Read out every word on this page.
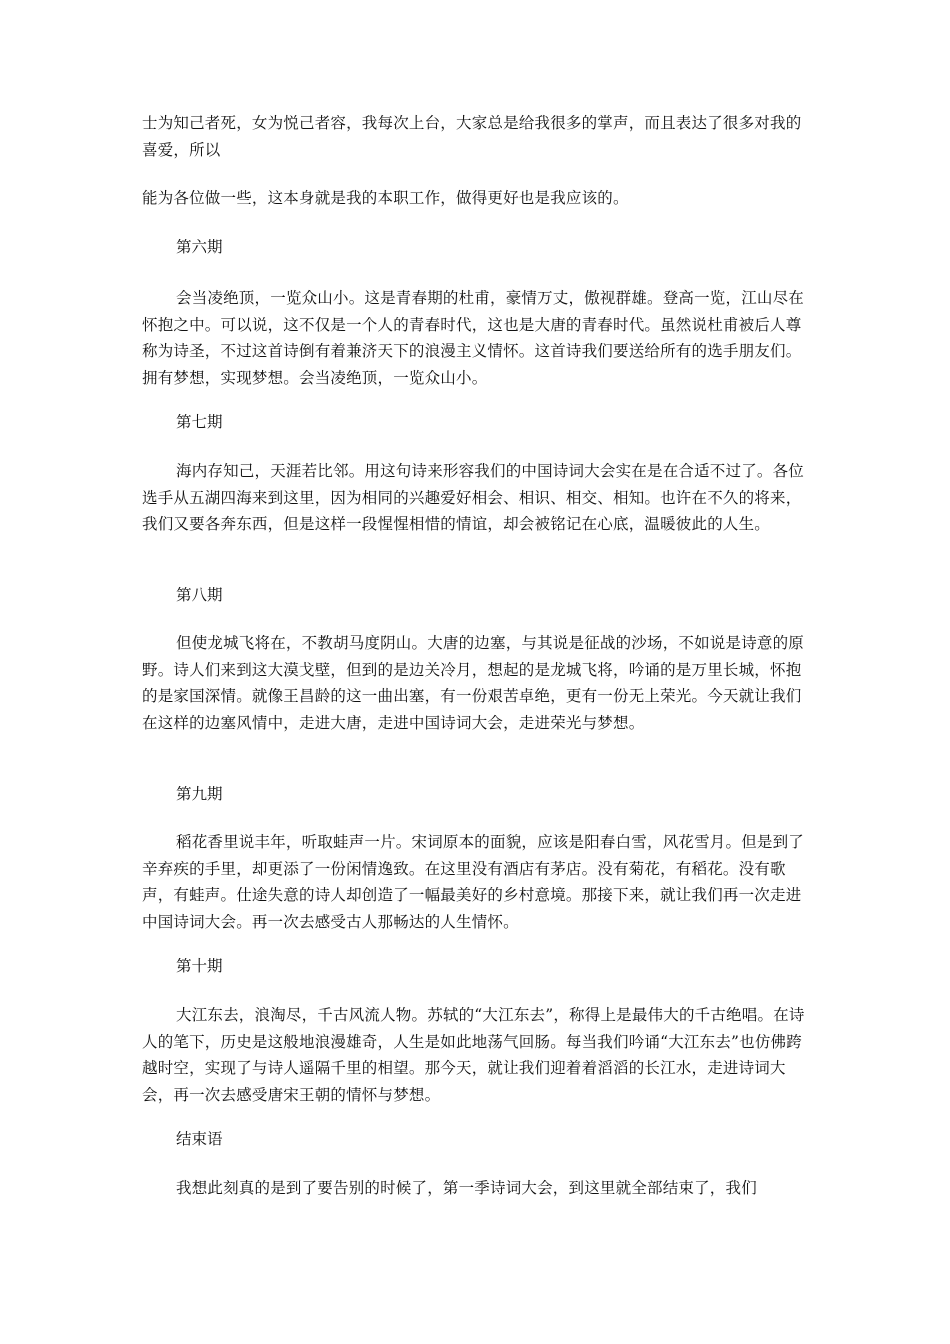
士为知己者死，女为悦己者容，我每次上台，大家总是给我很多的掌声，而且表达了很多对我的喜爱，所以

能为各位做一些，这本身就是我的本职工作，做得更好也是我应该的。

第六期

会当凌绝顶，一览众山小。这是青春期的杜甫，豪情万丈，傲视群雄。登高一览，江山尽在怀抱之中。可以说，这不仅是一个人的青春时代，这也是大唐的青春时代。虽然说杜甫被后人尊称为诗圣，不过这首诗倒有着兼济天下的浪漫主义情怀。这首诗我们要送给所有的选手朋友们。拥有梦想，实现梦想。会当凌绝顶，一览众山小。

第七期

海内存知己，天涯若比邻。用这句诗来形容我们的中国诗词大会实在是在合适不过了。各位选手从五湖四海来到这里，因为相同的兴趣爱好相会、相识、相交、相知。也许在不久的将来，我们又要各奔东西，但是这样一段惺惺相惜的情谊，却会被铭记在心底，温暖彼此的人生。

第八期

但使龙城飞将在，不教胡马度阴山。大唐的边塞，与其说是征战的沙场，不如说是诗意的原野。诗人们来到这大漠戈壁，但到的是边关冷月，想起的是龙城飞将，吟诵的是万里长城，怀抱的是家国深情。就像王昌龄的这一曲出塞，有一份艰苦卓绝，更有一份无上荣光。今天就让我们在这样的边塞风情中，走进大唐，走进中国诗词大会，走进荣光与梦想。

第九期

稻花香里说丰年，听取蛙声一片。宋词原本的面貌，应该是阳春白雪，风花雪月。但是到了辛弃疾的手里，却更添了一份闲情逸致。在这里没有酒店有茅店。没有菊花，有稻花。没有歌声，有蛙声。仕途失意的诗人却创造了一幅最美好的乡村意境。那接下来，就让我们再一次走进中国诗词大会。再一次去感受古人那畅达的人生情怀。

第十期

大江东去，浪淘尽，千古风流人物。苏轼的“大江东去”，称得上是最伟大的千古绝唱。在诗人的笔下，历史是这般地浪漫雄奇，人生是如此地荡气回肠。每当我们吟诵“大江东去”也仿佛跨越时空，实现了与诗人遥隔千里的相望。那今天，就让我们迎着着滔滔的长江水，走进诗词大会，再一次去感受唐宋王朝的情怀与梦想。

结束语

我想此刻真的是到了要告别的时候了，第一季诗词大会，到这里就全部结束了，我们
